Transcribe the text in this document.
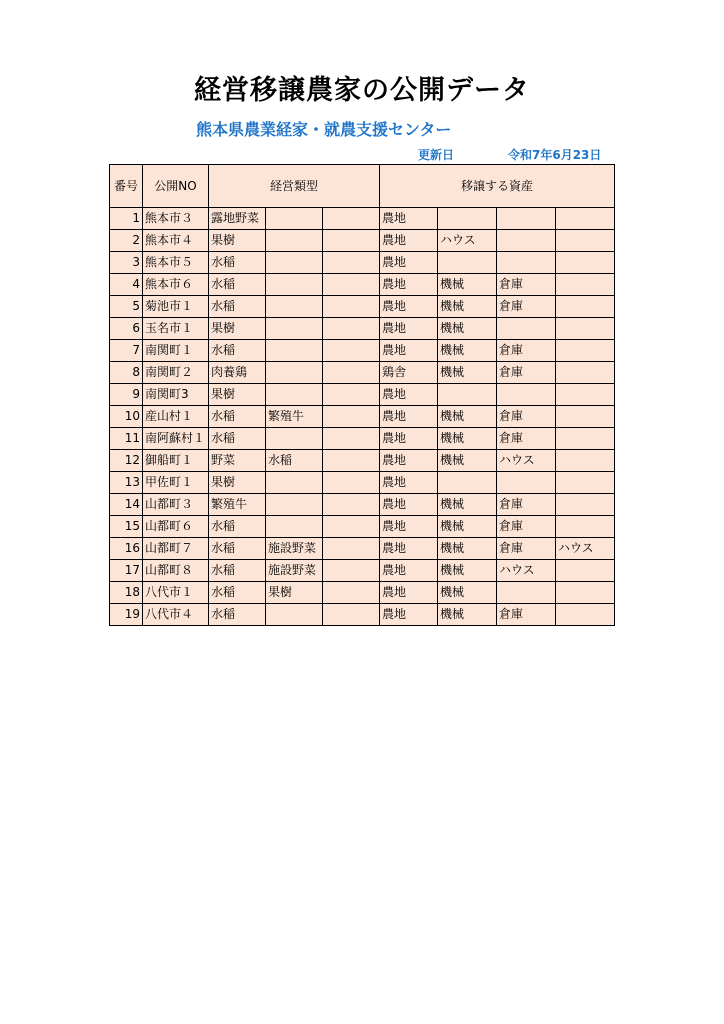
経営移譲農家の公開データ
熊本県農業経家・就農支援センター
更新日	令和7年6月23日
番号	公開NO	経営類型			移譲する資産			
1	熊本市３	露地野菜			農地			
2	熊本市４	果樹			農地	ハウス		
3	熊本市５	水稲			農地			
4	熊本市６	水稲			農地	機械	倉庫	
5	菊池市１	水稲			農地	機械	倉庫	
6	玉名市１	果樹			農地	機械		
7	南関町１	水稲			農地	機械	倉庫	
8	南関町２	肉養鶏			鶏舎	機械	倉庫	
9	南関町3	果樹			農地			
10	産山村１	水稲	繁殖牛		農地	機械	倉庫	
11	南阿蘇村１	水稲			農地	機械	倉庫	
12	御船町１	野菜	水稲		農地	機械	ハウス	
13	甲佐町１	果樹			農地			
14	山都町３	繁殖牛			農地	機械	倉庫	
15	山都町６	水稲			農地	機械	倉庫	
16	山都町７	水稲	施設野菜		農地	機械	倉庫	ハウス
17	山都町８	水稲	施設野菜		農地	機械	ハウス	
18	八代市１	水稲	果樹		農地	機械		
19	八代市４	水稲			農地	機械	倉庫	
